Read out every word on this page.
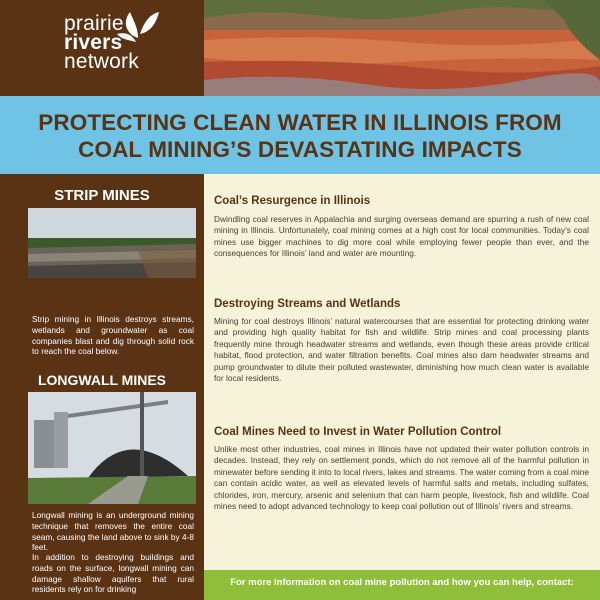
prairie
rivers
network
PROTECTING CLEAN WATER IN ILLINOIS FROM
COAL MINING’S DEVASTATING IMPACTS
STRIP MINES
Strip mining in Illinois destroys streams, wetlands and groundwater as coal companies blast and dig through solid rock to reach the coal below.
LONGWALL MINES
Longwall mining is an underground mining technique that removes the entire coal seam, causing the land above to sink by 4-8 feet.
In addition to destroying buildings and roads on the surface, longwall mining can damage shallow aquifers that rural residents rely on for drinking
Coal’s Resurgence in Illinois
Dwindling coal reserves in Appalachia and surging overseas demand are spurring a rush of new coal mining in Illinois. Unfortunately, coal mining comes at a high cost for local communities. Today’s coal mines use bigger machines to dig more coal while employing fewer people than ever, and the consequences for Illinois’ land and water are mounting.
Destroying Streams and Wetlands
Mining for coal destroys Illinois’ natural watercourses that are essential for protecting drinking water and providing high quality habitat for fish and wildlife. Strip mines and coal processing plants frequently mine through headwater streams and wetlands, even though these areas provide critical habitat, flood protection, and water filtration benefits. Coal mines also dam headwater streams and pump groundwater to dilute their polluted wastewater, diminishing how much clean water is available for local residents.
Coal Mines Need to Invest in Water Pollution Control
Unlike most other industries, coal mines in Illinois have not updated their water pollution controls in decades. Instead, they rely on settlement ponds, which do not remove all of the harmful pollution in minewater before sending it into to local rivers, lakes and streams. The water coming from a coal mine can contain acidic water, as well as elevated levels of harmful salts and metals, including sulfates, chlorides, iron, mercury, arsenic and selenium that can harm people, livestock, fish and wildlife. Coal mines need to adopt advanced technology to keep coal pollution out of Illinois’ rivers and streams.
For more information on coal mine pollution and how you can help, contact:
